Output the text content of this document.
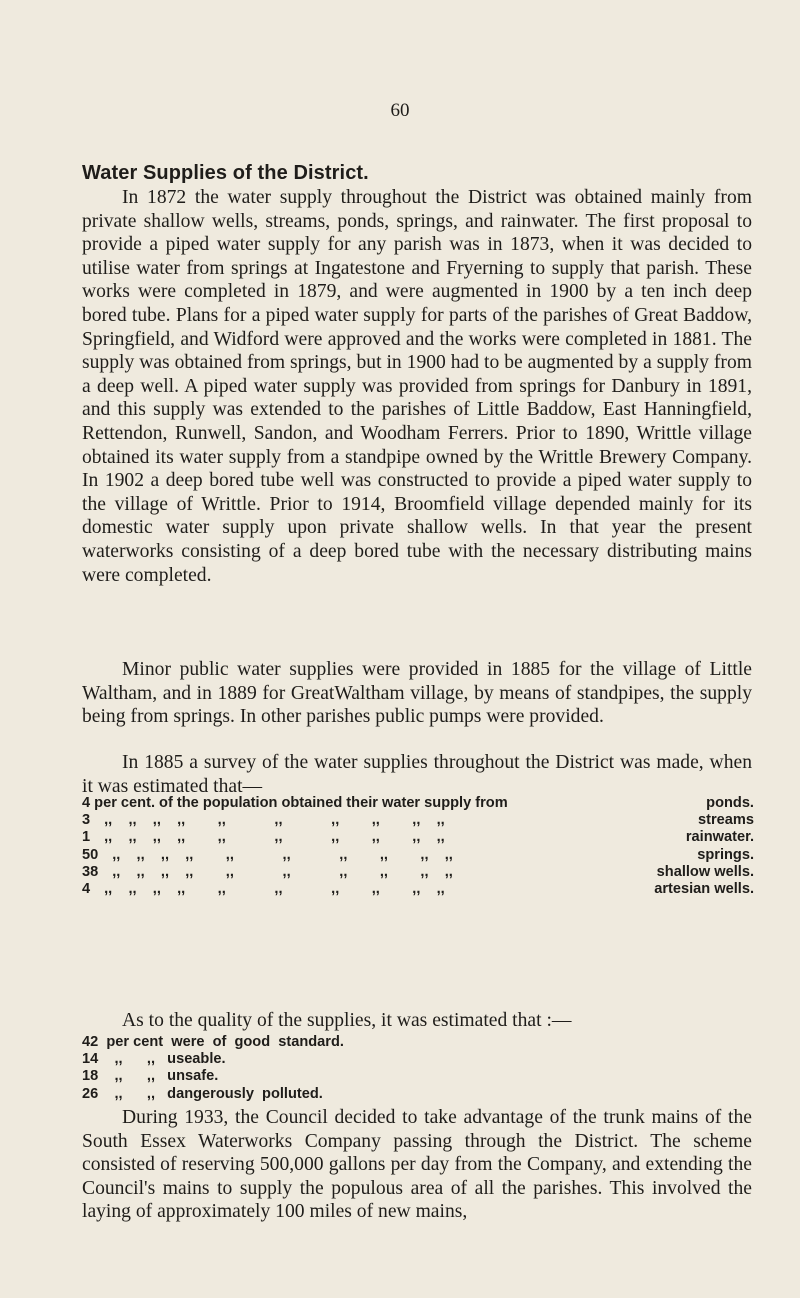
60
Water Supplies of the District.

In 1872 the water supply throughout the District was obtained mainly from private shallow wells, streams, ponds, springs, and rainwater. The first proposal to provide a piped water supply for any parish was in 1873, when it was decided to utilise water from springs at Ingatestone and Fryerning to supply that parish. These works were completed in 1879, and were augmented in 1900 by a ten inch deep bored tube. Plans for a piped water supply for parts of the parishes of Great Baddow, Springfield, and Widford were approved and the works were completed in 1881. The supply was obtained from springs, but in 1900 had to be augmented by a supply from a deep well. A piped water supply was provided from springs for Danbury in 1891, and this supply was extended to the parishes of Little Baddow, East Hanningfield, Rettendon, Runwell, Sandon, and Woodham Ferrers. Prior to 1890, Writtle village obtained its water supply from a standpipe owned by the Writtle Brewery Company. In 1902 a deep bored tube well was constructed to provide a piped water supply to the village of Writtle. Prior to 1914, Broomfield village depended mainly for its domestic water supply upon private shallow wells. In that year the present waterworks consisting of a deep bored tube with the necessary distributing mains were completed.

Minor public water supplies were provided in 1885 for the village of Little Waltham, and in 1889 for GreatWaltham village, by means of standpipes, the supply being from springs. In other parishes public pumps were provided.

In 1885 a survey of the water supplies throughout the District was made, when it was estimated that—

4 per cent. of the population obtained their water supply from	ponds.
3 ,,    ,,    ,,    ,,        ,,            ,,            ,,        ,,        ,,    ,,	streams
1 ,,    ,,    ,,    ,,        ,,            ,,            ,,        ,,        ,,    ,,	rainwater.
50 ,,    ,,    ,,    ,,        ,,            ,,            ,,        ,,        ,,    ,,	springs.
38 ,,    ,,    ,,    ,,        ,,            ,,            ,,        ,,        ,,    ,,	shallow wells.
4 ,,    ,,    ,,    ,,        ,,            ,,            ,,        ,,        ,,    ,,	artesian wells.
As to the quality of the supplies, it was estimated that :—
42  per cent  were  of  good  standard.
14    ,,      ,,   useable.
18    ,,      ,,   unsafe.
26    ,,      ,,   dangerously  polluted.

During 1933, the Council decided to take advantage of the trunk mains of the South Essex Waterworks Company passing through the District. The scheme consisted of reserving 500,000 gallons per day from the Company, and extending the Council's mains to supply the populous area of all the parishes. This involved the laying of approximately 100 miles of new mains,
